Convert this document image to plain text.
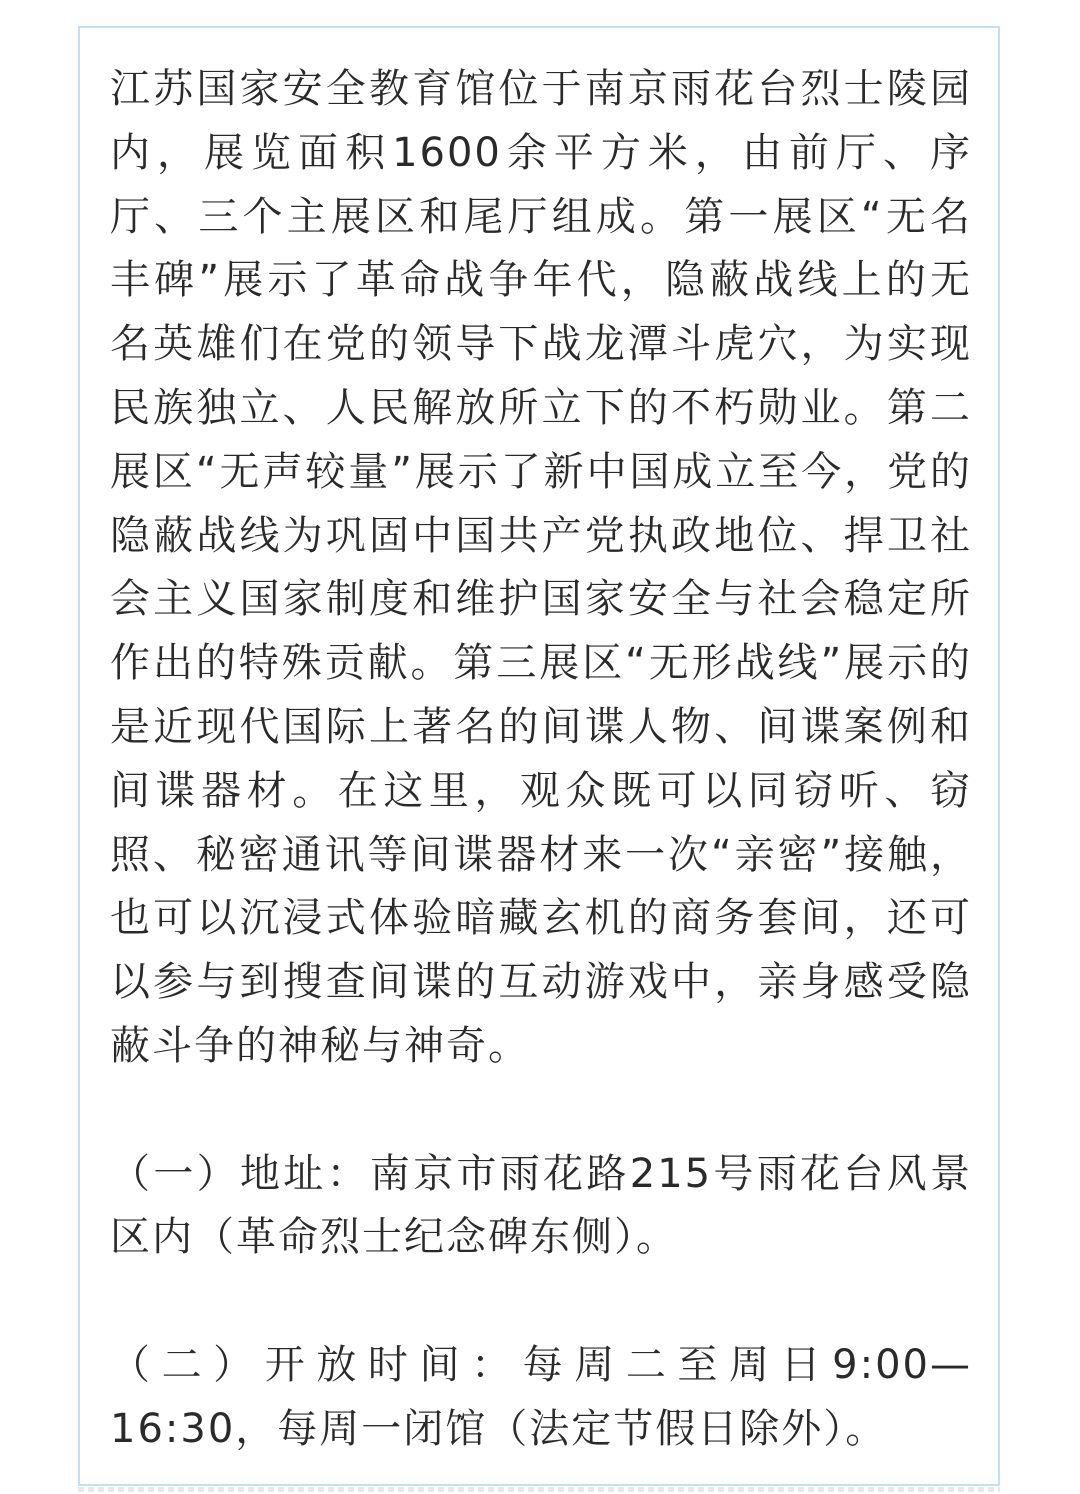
江苏国家安全教育馆位于南京雨花台烈士陵园内，展览面积1600余平方米，由前厅、序厅、三个主展区和尾厅组成。第一展区“无名丰碑”展示了革命战争年代，隐蔽战线上的无名英雄们在党的领导下战龙潭斗虎穴，为实现民族独立、人民解放所立下的不朽勋业。第二展区“无声较量”展示了新中国成立至今，党的隐蔽战线为巩固中国共产党执政地位、捍卫社会主义国家制度和维护国家安全与社会稳定所作出的特殊贡献。第三展区“无形战线”展示的是近现代国际上著名的间谍人物、间谍案例和间谍器材。在这里，观众既可以同窃听、窃照、秘密通讯等间谍器材来一次“亲密”接触，也可以沉浸式体验暗藏玄机的商务套间，还可以参与到搜查间谍的互动游戏中，亲身感受隐蔽斗争的神秘与神奇。

（一）地址：南京市雨花路215号雨花台风景区内（革命烈士纪念碑东侧）。

（二）开放时间：每周二至周日9:00—16:30，每周一闭馆（法定节假日除外）。
